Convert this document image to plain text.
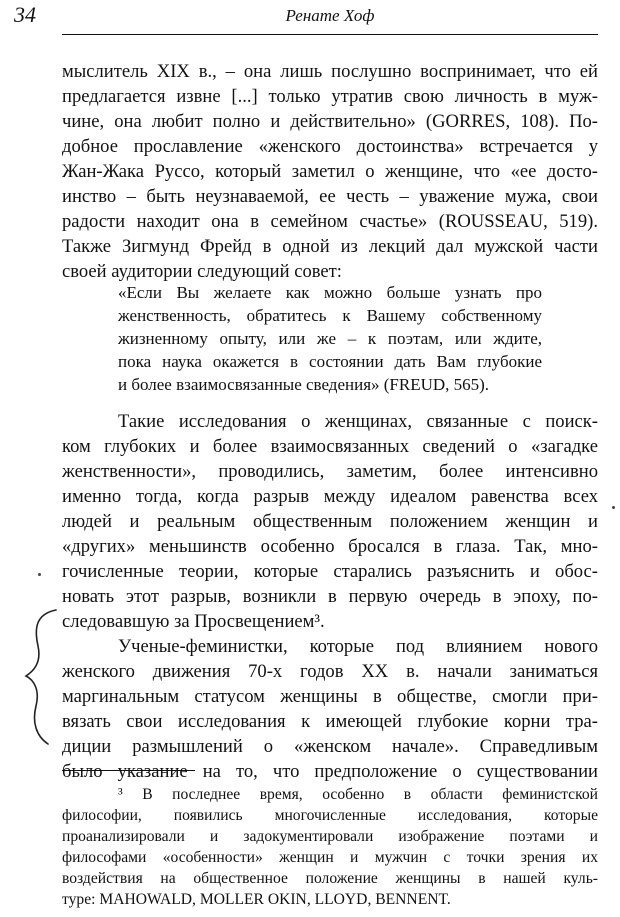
34	Ренате Хоф
мыслитель XIX в., – она лишь послушно воспринимает, что ей
предлагается извне [...] только утратив свою личность в муж-
чине, она любит полно и действительно» (GORRES, 108). По-
добное прославление «женского достоинства» встречается у
Жан-Жака Руссо, который заметил о женщине, что «ее достo-
инство – быть неузнаваемой, ее честь – уважение мужа, свои
радости находит она в семейном счастье» (ROUSSEAU, 519).
Также Зигмунд Фрейд в одной из лекций дал мужской части
своей аудитории следующий совет:
«Если Вы желаете как можно больше узнать про
женственность, обратитесь к Вашему собственному
жизненному опыту, или же – к поэтам, или ждите,
пока наука окажется в состоянии дать Вам глубокие
и более взаимосвязанные сведения» (FREUD, 565).
Такие исследования о женщинах, связанные с поиск-
ком глубоких и более взаимосвязанных сведений о «загадке
женственности», проводились, заметим, более интенсивно
именно тогда, когда разрыв между идеалом равенства всех
людей и реальным общественным положением женщин и
«других» меньшинств особенно бросался в глаза. Так, мно-
гочисленные теории, которые старались разъяснить и обос-
новать этот разрыв, возникли в первую очередь в эпоху, по-
следовавшую за Просвещением³.
Ученые-феминистки, которые под влиянием нового
женского движения 70-х годов XX в. начали заниматься
маргинальным статусом женщины в обществе, смогли при-
вязать свои исследования к имеющей глубокие корни тра-
диции размышлений о «женском начале». Справедливым
было указание на то, что предположение о существовании
³ В последнее время, особенно в области феминистской
философии, появились многочисленные исследования, которые
проанализировали и задокументировали изображение поэтами и
философами «особенности» женщин и мужчин с точки зрения их
воздействия на общественное положение женщины в нашей куль-
туре: MAHOWALD, MOLLER OKIN, LLOYD, BENNENT.
